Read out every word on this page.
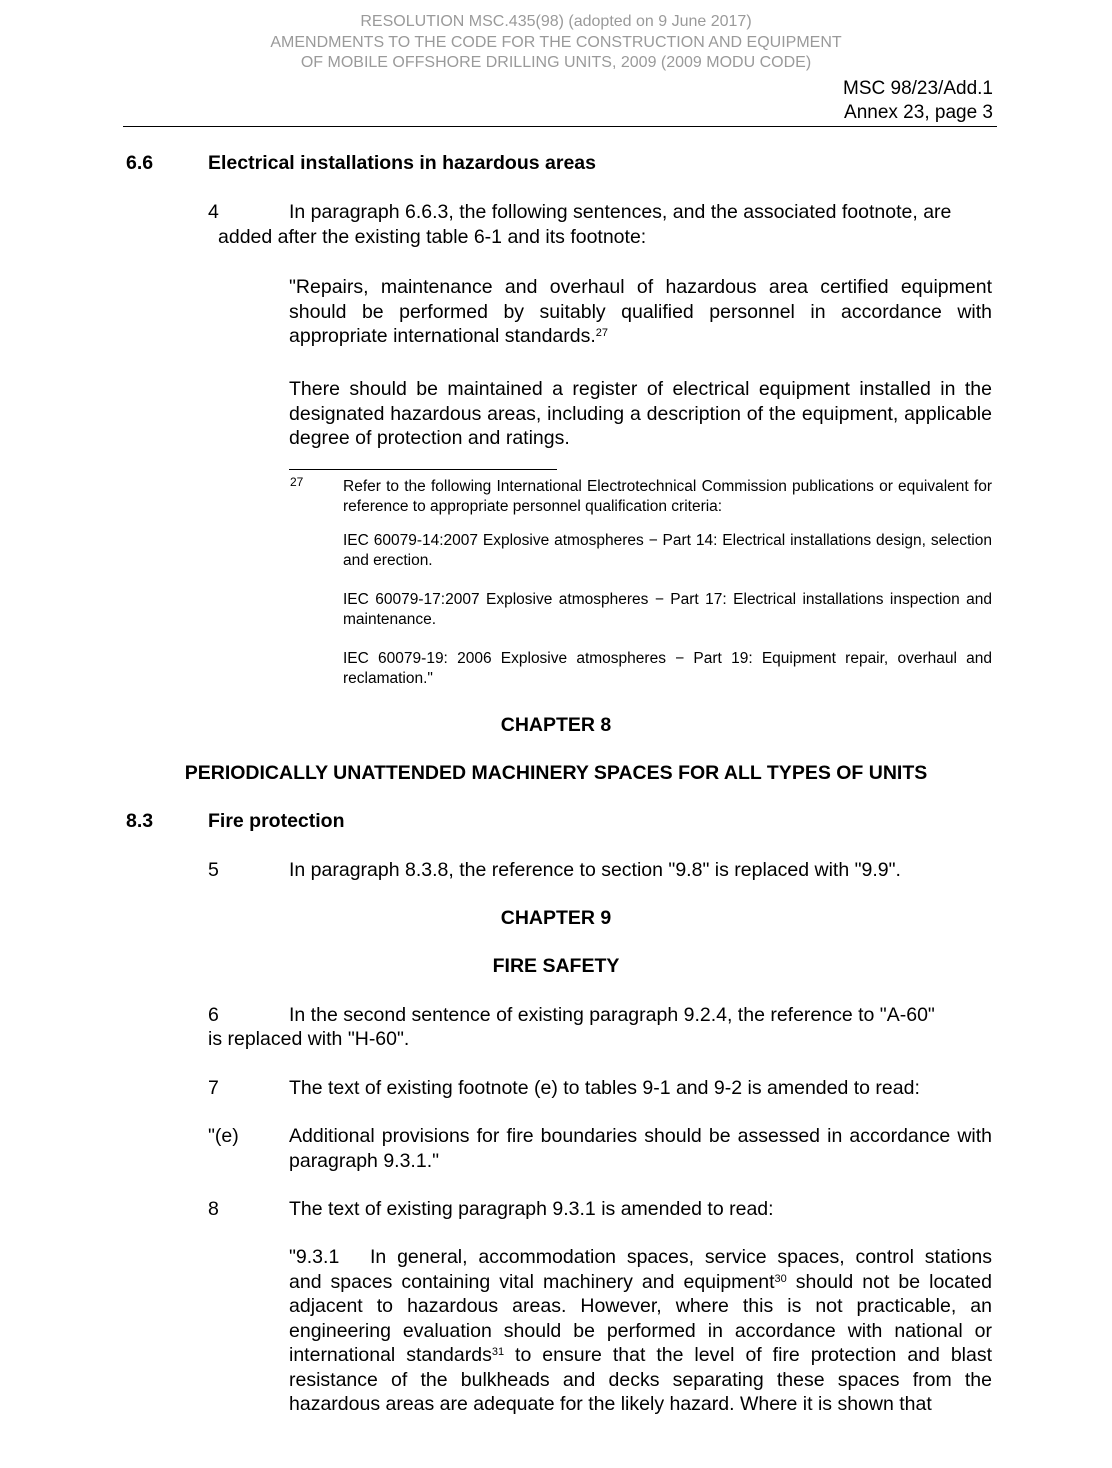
RESOLUTION MSC.435(98) (adopted on 9 June 2017)
AMENDMENTS TO THE CODE FOR THE CONSTRUCTION AND EQUIPMENT
OF MOBILE OFFSHORE DRILLING UNITS, 2009 (2009 MODU CODE)
MSC 98/23/Add.1
Annex 23, page 3
6.6	Electrical installations in hazardous areas
4	In paragraph 6.6.3, the following sentences, and the associated footnote, are
added after the existing table 6-1 and its footnote:
"Repairs, maintenance and overhaul of hazardous area certified equipment should be performed by suitably qualified personnel in accordance with appropriate international standards.$^{27}$
There should be maintained a register of electrical equipment installed in the designated hazardous areas, including a description of the equipment, applicable degree of protection and ratings.
27	Refer to the following International Electrotechnical Commission publications or equivalent for reference to appropriate personnel qualification criteria:
IEC 60079-14:2007 Explosive atmospheres − Part 14: Electrical installations design, selection and erection.
IEC 60079-17:2007 Explosive atmospheres − Part 17: Electrical installations inspection and maintenance.
IEC 60079-19: 2006 Explosive atmospheres − Part 19: Equipment repair, overhaul and reclamation."
CHAPTER 8
PERIODICALLY UNATTENDED MACHINERY SPACES FOR ALL TYPES OF UNITS
8.3	Fire protection
5	In paragraph 8.3.8, the reference to section "9.8" is replaced with "9.9".
CHAPTER 9
FIRE SAFETY
6	In the second sentence of existing paragraph 9.2.4, the reference to "A-60"
is replaced with "H-60".
7	The text of existing footnote (e) to tables 9-1 and 9-2 is amended to read:
"(e)	Additional provisions for fire boundaries should be assessed in accordance with paragraph 9.3.1."
8	The text of existing paragraph 9.3.1 is amended to read:
"9.3.1 In general, accommodation spaces, service spaces, control stations and spaces containing vital machinery and equipment$^{30}$ should not be located adjacent to hazardous areas. However, where this is not practicable, an engineering evaluation should be performed in accordance with national or international standards$^{31}$ to ensure that the level of fire protection and blast resistance of the bulkheads and decks separating these spaces from the hazardous areas are adequate for the likely hazard. Where it is shown that
